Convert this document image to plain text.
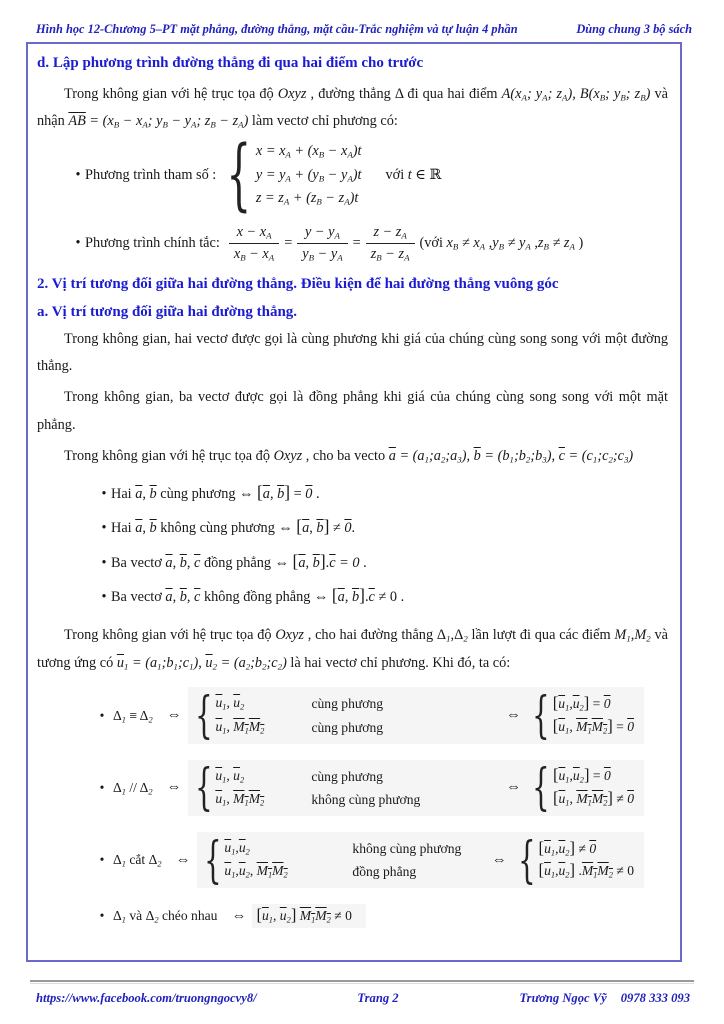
Hình học 12-Chương 5–PT mặt phẳng, đường thẳng, mặt cầu-Trắc nghiệm và tự luận 4 phần	Dùng chung 3 bộ sách
d. Lập phương trình đường thẳng đi qua hai điểm cho trước

Trong không gian với hệ trục tọa độ Oxyz , đường thẳng Δ đi qua hai điểm $A(x_A$; $y_A$; $z_A$), $B(x_B$; $y_B$; $z_B$) và nhận $\overline{AB} = (x_B - x_A$; $y_B - y_A$; $z_B - z_A$) làm vectơ chỉ phương có:

• Phương trình tham số : { $x = x_A + (x_B - x_A)t$
$y = y_A + (y_B - y_A)t$
$z = z_A + (z_B - z_A)t$
với t ∈ ℝ
• Phương trình chính tắc: $\frac{x - x_A}{x_B - x_A} = \frac{y - y_A}{y_B - y_A} = \frac{z - z_A}{z_B - z_A}$ (với $x_B \ne x_A$ $,y_B \ne y_A$ $,z_B \ne z_A$ )
2. Vị trí tương đối giữa hai đường thẳng. Điều kiện để hai đường thẳng vuông góc
a. Vị trí tương đối giữa hai đường thẳng.

Trong không gian, hai vectơ được gọi là cùng phương khi giá của chúng cùng song song với một đường thẳng.

Trong không gian, ba vectơ được gọi là đồng phẳng khi giá của chúng cùng song song với một mặt phẳng.

Trong không gian với hệ trục tọa độ Oxyz , cho ba vecto $\overline{a}$ = $(a_1;a_2;a_3)$, $\overline{b}$ = $(b_1;b_2;b_3)$, $\overline{c}$ = $(c_1;c_2;c_3)$

• Hai $\overline{a}$, $\overline{b}$ cùng phương ⇔ [$\overline{a}$, $\overline{b}] = 0$ .
• Hai $\overline{a}$, $\overline{b}$ không cùng phương ⇔ [$\overline{a}$, $\overline{b}] \ne 0$.
• Ba vectơ $\overline{a}$, $\overline{b}$, $\overline{c}$ đồng phẳng ⇔ [$\overline{a}$, $\overline{b}].\overline{c} = 0$ .
• Ba vectơ $\overline{a}$, $\overline{b}$, $\overline{c}$ không đồng phẳng ⇔ [$\overline{a}$, $\overline{b}].\overline{c} \ne 0$ .

Trong không gian với hệ trục tọa độ Oxyz , cho hai đường thẳng $\Delta_1,\Delta_2$ lần lượt đi qua các điểm $M_1,M_2$ và tương ứng có $\overline{u}_1$ = $(a_1;b_1;c_1)$, $\overline{u}_2$ = $(a_2;b_2;c_2)$ là hai vectơ chỉ phương. Khi đó, ta có:

• $\Delta_1 \equiv \Delta_2$ ⇔ { $\overline{u}_1$, $\overline{u}_2$	cùng phương
$\overline{u}_1$, $M_1M_2$	cùng phương
⇔ { $[\overline{u}_1,\overline{u}_2] = 0$
[$\overline{u}_1$, $M_1M_2] = 0$
• $\Delta_1 // \Delta_2$ ⇔ { $\overline{u}_1$, $\overline{u}_2$	cùng phương
$\overline{u}_1$, $M_1M_2$	không cùng phương
⇔ { $[\overline{u}_1,\overline{u}_2] = 0$
[$\overline{u}_1$, $M_1M_2] \ne 0$
• $\Delta_1$ cắt $\Delta_2$ ⇔ { $\overline{u}_1,\overline{u}_2$	không cùng phương
$\overline{u}_1,\overline{u}_2$, $M_1M_2$	đồng phẳng
⇔ { $[\overline{u}_1,\overline{u}_2] \ne 0$
$[\overline{u}_1,\overline{u}_2] .M_1M_2 \ne 0$
• $\Delta_1$ và $\Delta_2$ chéo nhau ⇔ [$\overline{u}_1$, $\overline{u}_2$] $M_1M_2 \ne 0$
https://www.facebook.com/truongngocvy8/	Trang 2	Trương Ngọc Vỹ 0978 333 093
